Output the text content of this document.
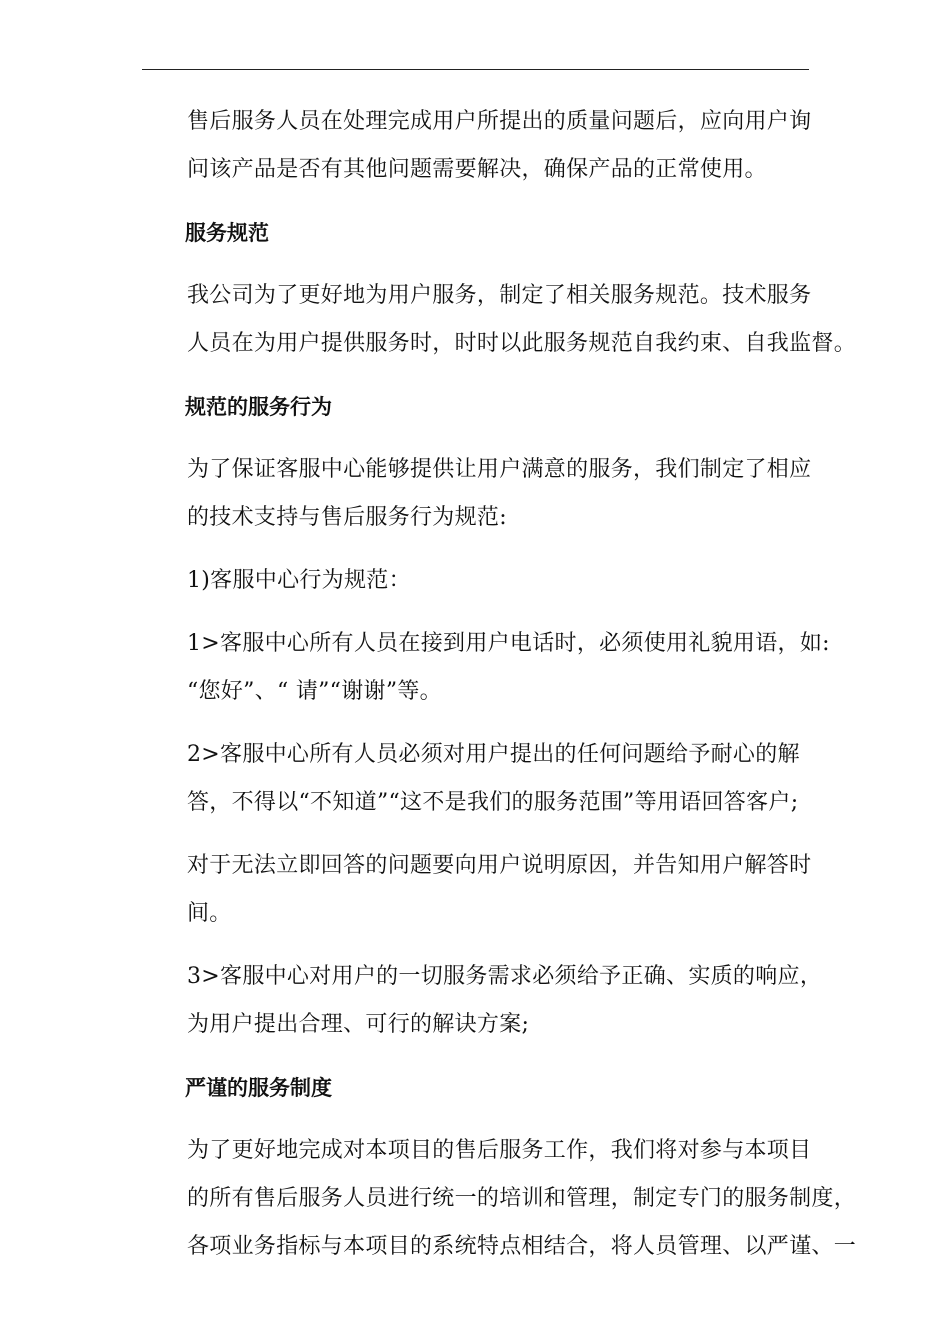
售后服务人员在处理完成用户所提出的质量问题后，应向用户询
问该产品是否有其他问题需要解决，确保产品的正常使用。

服务规范

我公司为了更好地为用户服务，制定了相关服务规范。技术服务
人员在为用户提供服务时，时时以此服务规范自我约束、自我监督。

规范的服务行为

为了保证客服中心能够提供让用户满意的服务，我们制定了相应
的技术支持与售后服务行为规范:

1)客服中心行为规范：

1>客服中心所有人员在接到用户电话时，必须使用礼貌用语，如:
“您好”、“ 请”“谢谢”等。

2>客服中心所有人员必须对用户提出的任何问题给予耐心的解
答，不得以“不知道”“这不是我们的服务范围”等用语回答客户;

对于无法立即回答的问题要向用户说明原因，并告知用户解答时
间。

3>客服中心对用户的一切服务需求必须给予正确、实质的响应，
为用户提出合理、可行的解诀方案;

严谨的服务制度

为了更好地完成对本项目的售后服务工作，我们将对参与本项目
的所有售后服务人员进行统一的培训和管理，制定专门的服务制度，
各项业务指标与本项目的系统特点相结合，将人员管理、以严谨、一
